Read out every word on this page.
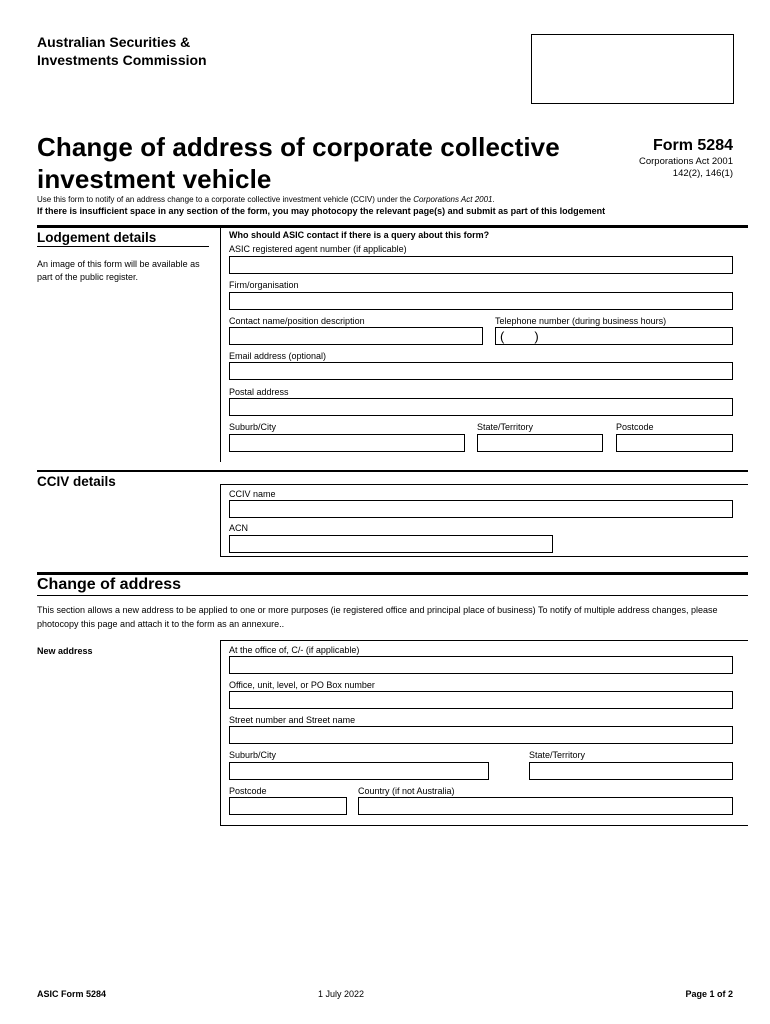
Australian Securities &
Investments Commission
Change of address of corporate collective
investment vehicle
Form 5284
Corporations Act 2001
142(2), 146(1)
Use this form to notify of an address change to a corporate collective investment vehicle (CCIV) under the Corporations Act 2001.
If there is insufficient space in any section of the form, you may photocopy the relevant page(s) and submit as part of this lodgement
Lodgement details
An image of this form will be available as part of the public register.
Who should ASIC contact if there is a query about this form?
ASIC registered agent number (if applicable)
Firm/organisation
Contact name/position description	Telephone number (during business hours)
( )
Email address (optional)
Postal address
Suburb/City	State/Territory	Postcode
CCIV details
CCIV name
ACN
Change of address
This section allows a new address to be applied to one or more purposes (ie registered office and principal place of business) To notify of multiple address changes, please photocopy this page and attach it to the form as an annexure..
New address	At the office of, C/- (if applicable)
Office, unit, level, or PO Box number
Street number and Street name
Suburb/City	State/Territory
Postcode	Country (if not Australia)
ASIC Form 5284	1 July 2022	Page 1 of 2
